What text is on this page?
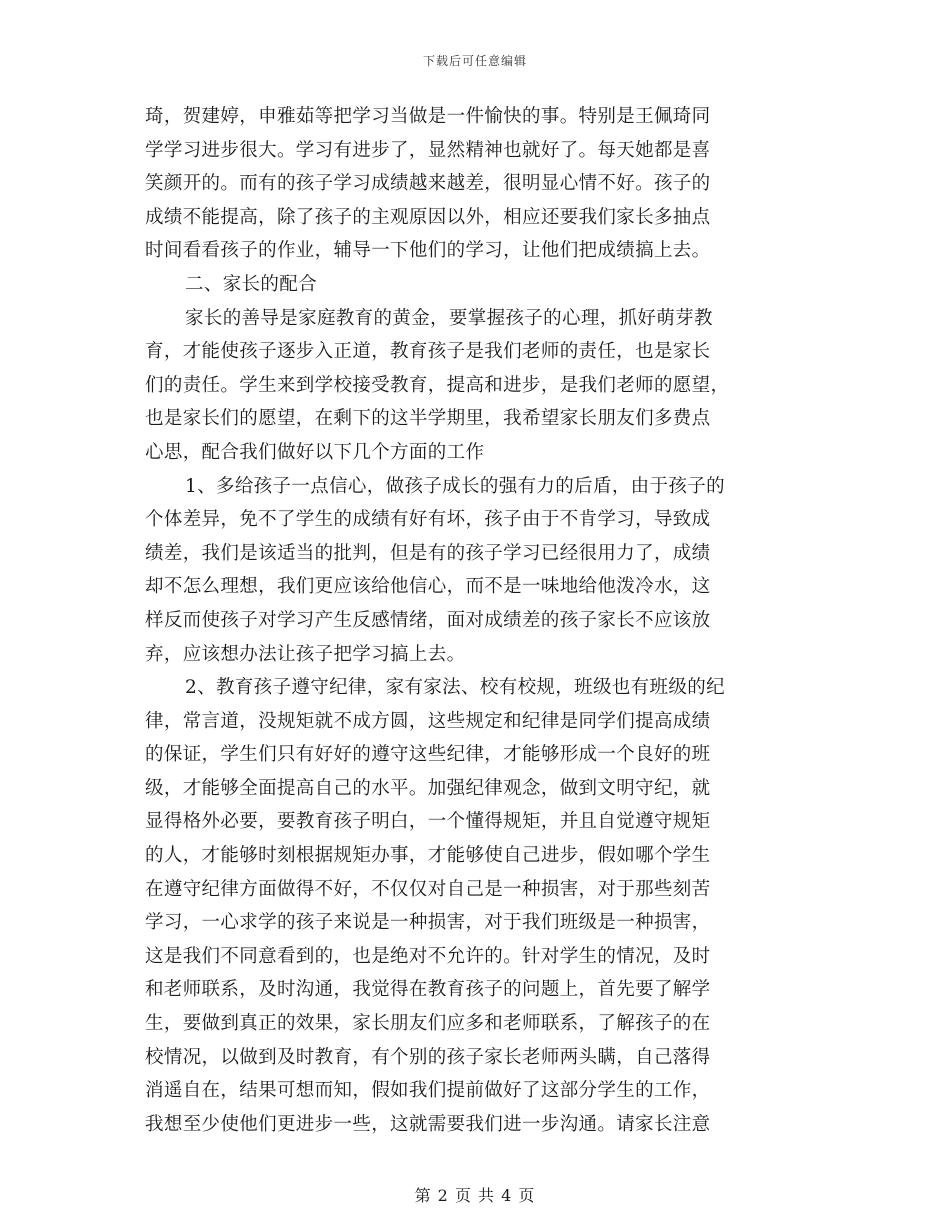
下载后可任意编辑
琦，贺建婷，申雅茹等把学习当做是一件愉快的事。特别是王佩琦同
学学习进步很大。学习有进步了，显然精神也就好了。每天她都是喜
笑颜开的。而有的孩子学习成绩越来越差，很明显心情不好。孩子的
成绩不能提高，除了孩子的主观原因以外，相应还要我们家长多抽点
时间看看孩子的作业，辅导一下他们的学习，让他们把成绩搞上去。
二、家长的配合
家长的善导是家庭教育的黄金，要掌握孩子的心理，抓好萌芽教
育，才能使孩子逐步入正道，教育孩子是我们老师的责任，也是家长
们的责任。学生来到学校接受教育，提高和进步，是我们老师的愿望，
也是家长们的愿望，在剩下的这半学期里，我希望家长朋友们多费点
心思，配合我们做好以下几个方面的工作
1、多给孩子一点信心，做孩子成长的强有力的后盾，由于孩子的
个体差异，免不了学生的成绩有好有坏，孩子由于不肯学习，导致成
绩差，我们是该适当的批判，但是有的孩子学习已经很用力了，成绩
却不怎么理想，我们更应该给他信心，而不是一味地给他泼冷水，这
样反而使孩子对学习产生反感情绪，面对成绩差的孩子家长不应该放
弃，应该想办法让孩子把学习搞上去。
2、教育孩子遵守纪律，家有家法、校有校规，班级也有班级的纪
律，常言道，没规矩就不成方圆，这些规定和纪律是同学们提高成绩
的保证，学生们只有好好的遵守这些纪律，才能够形成一个良好的班
级，才能够全面提高自己的水平。加强纪律观念，做到文明守纪，就
显得格外必要，要教育孩子明白，一个懂得规矩，并且自觉遵守规矩
的人，才能够时刻根据规矩办事，才能够使自己进步，假如哪个学生
在遵守纪律方面做得不好，不仅仅对自己是一种损害，对于那些刻苦
学习，一心求学的孩子来说是一种损害，对于我们班级是一种损害，
这是我们不同意看到的，也是绝对不允许的。针对学生的情况，及时
和老师联系，及时沟通，我觉得在教育孩子的问题上，首先要了解学
生，要做到真正的效果，家长朋友们应多和老师联系，了解孩子的在
校情况，以做到及时教育，有个别的孩子家长老师两头瞒，自己落得
消遥自在，结果可想而知，假如我们提前做好了这部分学生的工作，
我想至少使他们更进步一些，这就需要我们进一步沟通。请家长注意
第 2 页 共 4 页
